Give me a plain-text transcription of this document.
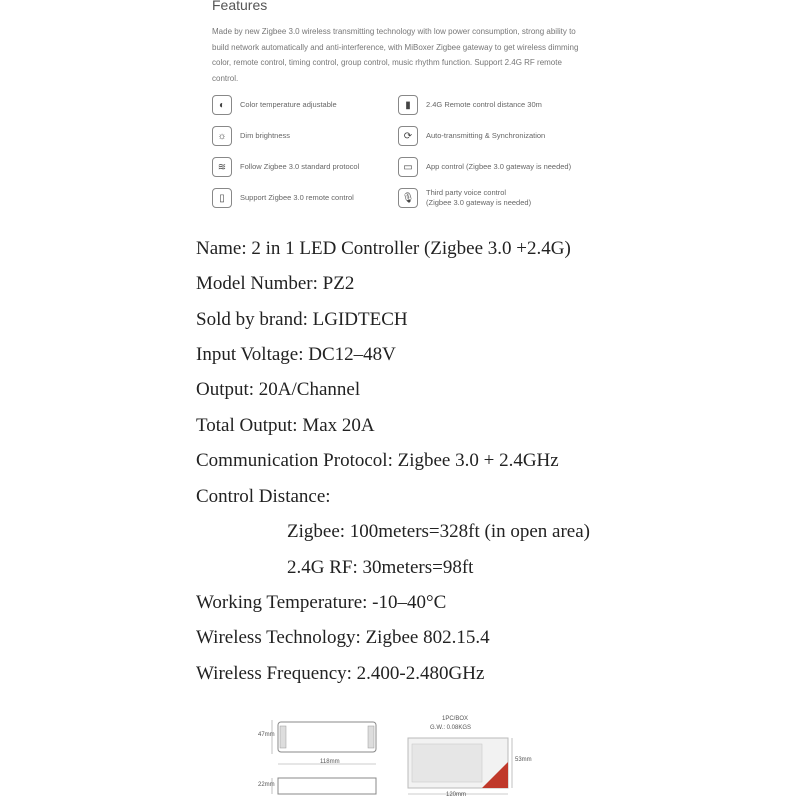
Features
Made by new Zigbee 3.0 wireless transmitting technology with low power consumption, strong ability to build network automatically and anti-interference, with MiBoxer Zigbee gateway to get wireless dimming color, remote control, timing control, group control, music rhythm function. Support 2.4G RF remote control.
◐	Color temperature adjustable
☼	Dim brightness
≋	Follow Zigbee 3.0 standard protocol
▯	Support Zigbee 3.0 remote control
▮	2.4G Remote control distance 30m
⟳	Auto-transmitting & Synchronization
▭	App control (Zigbee 3.0 gateway is needed)
🎙	Third party voice control
(Zigbee 3.0 gateway is needed)
Name: 2 in 1 LED Controller (Zigbee 3.0 +2.4G)
Model Number: PZ2
Sold by brand: LGIDTECH
Input Voltage: DC12–48V
Output: 20A/Channel
Total Output: Max 20A
Communication Protocol: Zigbee 3.0 + 2.4GHz
Control Distance:
Zigbee: 100meters=328ft (in open area)
2.4G RF: 30meters=98ft
Working Temperature: -10–40°C
Wireless Technology: Zigbee 802.15.4
Wireless Frequency: 2.400-2.480GHz
118mm
47mm
22mm
1PC/BOX
G.W.: 0.08KGS
120mm
53mm
